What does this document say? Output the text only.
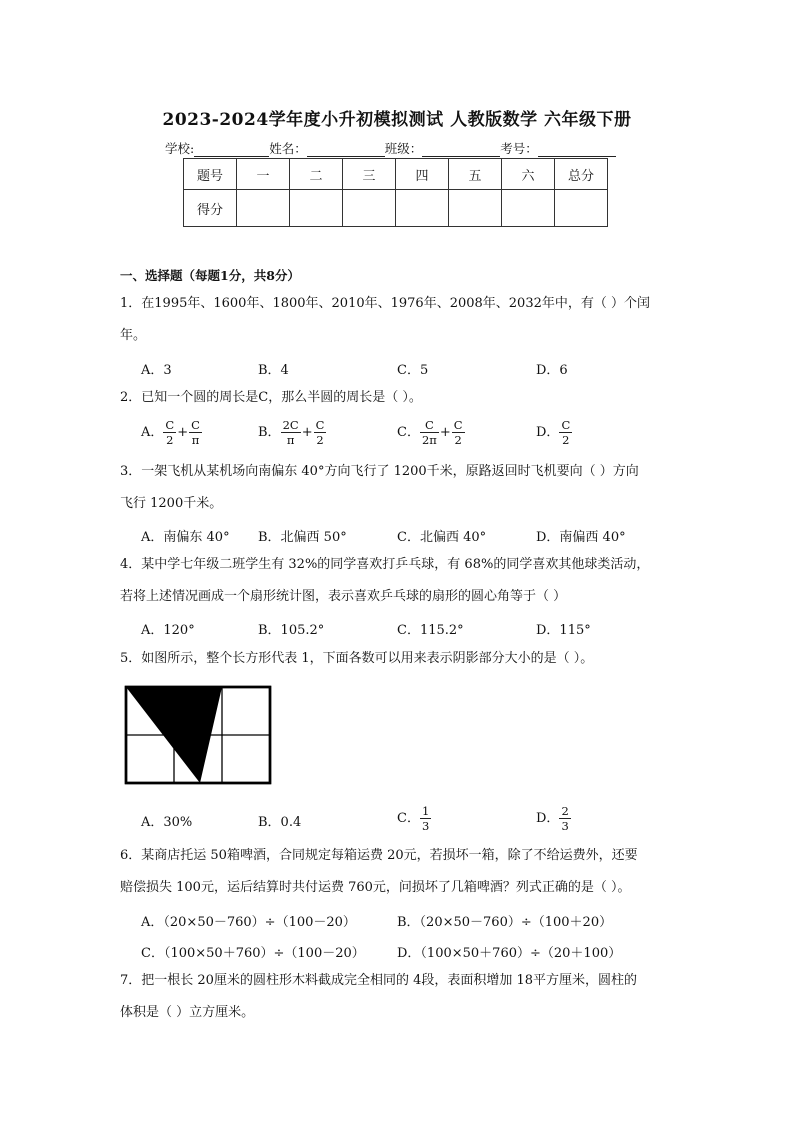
2023-2024学年度小升初模拟测试 人教版数学 六年级下册
学校:	姓名：	班级：	考号：
题号	一	二	三	四	五	六	总分
得分							
一、选择题（每题1分，共8分）
1．在1995年、1600年、1800年、2010年、1976年、2008年、2032年中，有（ ）个闰
年。
A．3	B．4	C．5	D．6
2．已知一个圆的周长是C，那么半圆的周长是（ ）。
A． $\frac{C}{2} + \frac{C}{\pi}$	B． $\frac{2C}{\pi} + \frac{C}{2}$	C． $\frac{C}{2\pi} + \frac{C}{2}$	D． $\frac{C}{2}$
3．一架飞机从某机场向南偏东 40°方向飞行了 1200千米，原路返回时飞机要向（ ）方向
飞行 1200千米。
A．南偏东 40° B．北偏西 50°	C．北偏西 40°	D．南偏西 40°
4．某中学七年级二班学生有 32%的同学喜欢打乒乓球，有 68%的同学喜欢其他球类活动，
若将上述情况画成一个扇形统计图，表示喜欢乒乓球的扇形的圆心角等于（ ）
A．120°	B．105.2°	C．115.2°	D．115°
5．如图所示，整个长方形代表 1，下面各数可以用来表示阴影部分大小的是（ ）。
A．30%	B．0.4	C． $\frac{1}{3}$	D． $\frac{2}{3}$
6．某商店托运 50箱啤酒，合同规定每箱运费 20元，若损坏一箱，除了不给运费外，还要
赔偿损失 100元，运后结算时共付运费 760元，问损坏了几箱啤酒？列式正确的是（ ）。
A．（20×50－760）÷（100－20）	B．（20×50－760）÷（100＋20）
C．（100×50＋760）÷（100－20） D．（100×50＋760）÷（20＋100）
7．把一根长 20厘米的圆柱形木料截成完全相同的 4段，表面积增加 18平方厘米，圆柱的
体积是（ ）立方厘米。
